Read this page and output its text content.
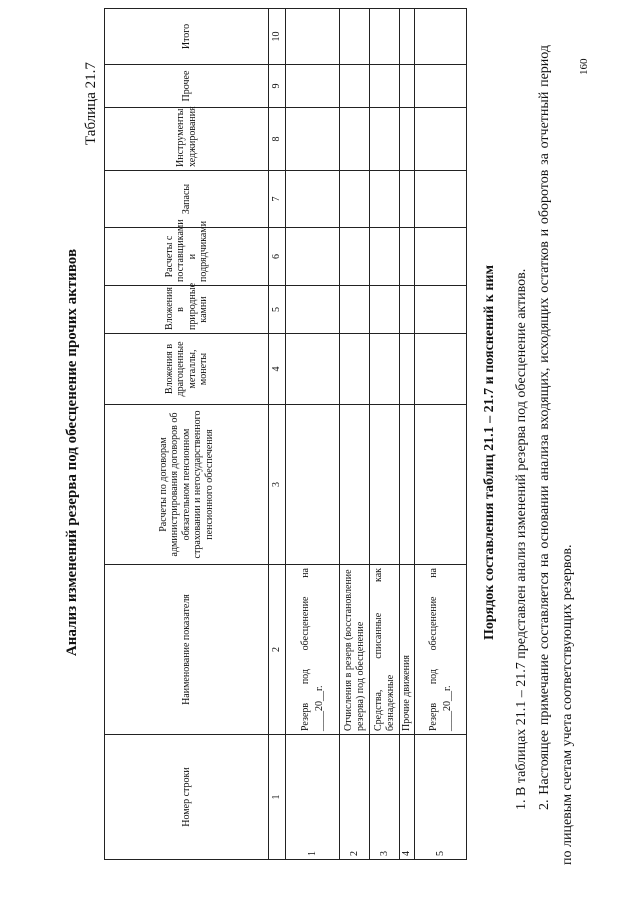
Анализ изменений резерва под обесценение прочих активов
Таблица 21.7	160
Номер строки	Наименование показателя	Расчеты по договорам администрирования договоров об обязательном пенсионном страховании и негосударственного пенсионного обеспечения	Вложения в драгоценные металлы, монеты	Вложения в природные камни	Расчеты с поставщиками и подрядчиками	Запасы	Инструменты хеджирования	Прочее	Итого
1	2	3	4	5	6	7	8	9	10
1	Резерв под обесценение на ____20__г.								

2	Отчисления в резерв (восстановление резерва) под обесценение								
3	Средства, списанные как безнадежные								

4	Прочие движения								
5	Резерв под обесценение на ____20__г.								

Порядок составления таблиц 21.1 – 21.7 и пояснений к ним 1. В таблицах 21.1 – 21.7 представлен анализ изменений резерва под обесценение активов. 2. Настоящее примечание составляется на основании анализа входящих, исходящих остатков и оборотов за отчетный период по лицевым счетам учета соответствующих резервов.
